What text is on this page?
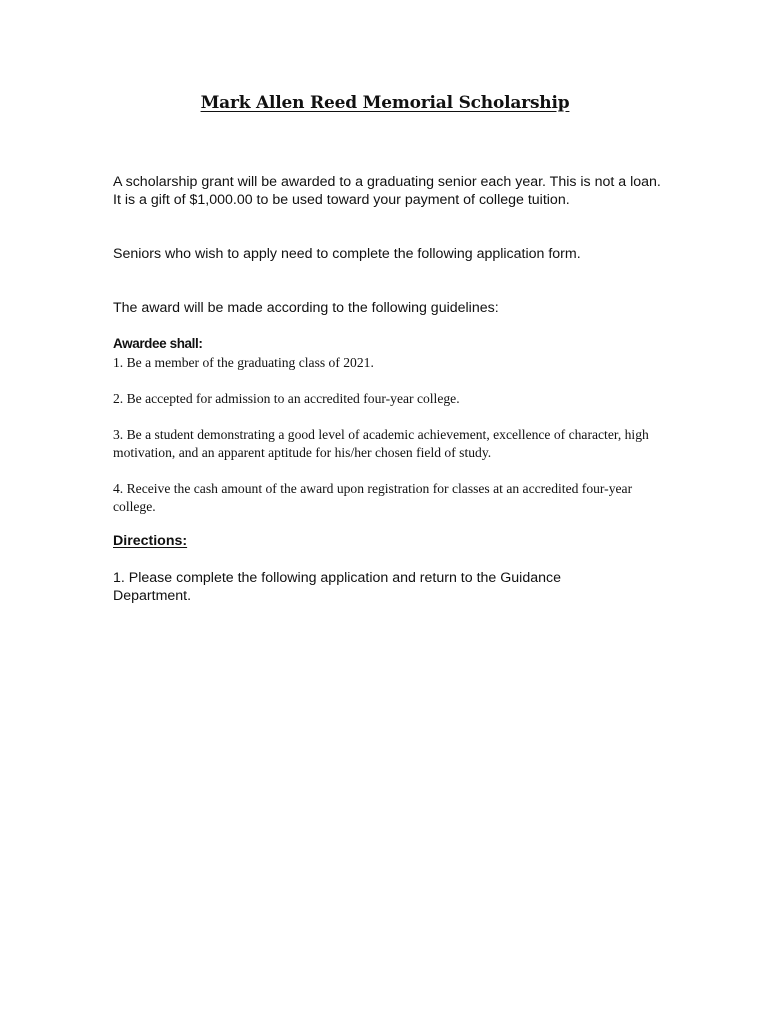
Mark Allen Reed Memorial Scholarship

A scholarship grant will be awarded to a graduating senior each year. This is not a loan. It is a gift of $1,000.00 to be used toward your payment of college tuition.

Seniors who wish to apply need to complete the following application form.

The award will be made according to the following guidelines:

Awardee shall:

1. Be a member of the graduating class of 2021.

2. Be accepted for admission to an accredited four-year college.

3. Be a student demonstrating a good level of academic achievement, excellence of character, high motivation, and an apparent aptitude for his/her chosen field of study.

4. Receive the cash amount of the award upon registration for classes at an accredited four-year college.

Directions:

1. Please complete the following application and return to the Guidance Department.
